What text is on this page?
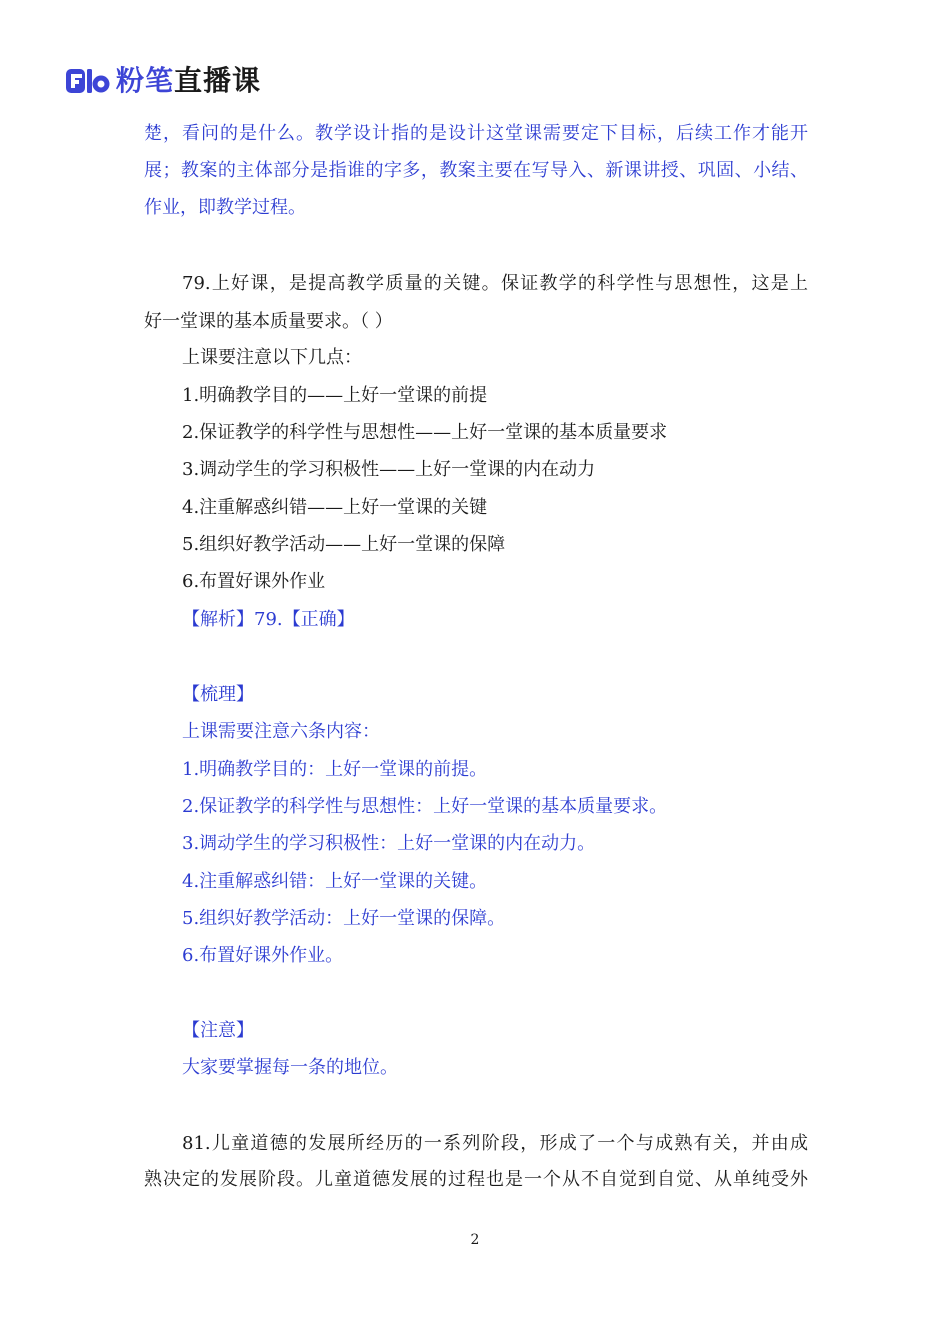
粉笔直播课
楚，看问的是什么。教学设计指的是设计这堂课需要定下目标，后续工作才能开
展；教案的主体部分是指谁的字多，教案主要在写导入、新课讲授、巩固、小结、
作业，即教学过程。
79.上好课，是提高教学质量的关键。保证教学的科学性与思想性，这是上
好一堂课的基本质量要求。（ ）
上课要注意以下几点：
1.明确教学目的——上好一堂课的前提
2.保证教学的科学性与思想性——上好一堂课的基本质量要求
3.调动学生的学习积极性——上好一堂课的内在动力
4.注重解惑纠错——上好一堂课的关键
5.组织好教学活动——上好一堂课的保障
6.布置好课外作业
【解析】79.【正确】
【梳理】
上课需要注意六条内容：
1.明确教学目的：上好一堂课的前提。
2.保证教学的科学性与思想性：上好一堂课的基本质量要求。
3.调动学生的学习积极性：上好一堂课的内在动力。
4.注重解惑纠错：上好一堂课的关键。
5.组织好教学活动：上好一堂课的保障。
6.布置好课外作业。
【注意】
大家要掌握每一条的地位。
81.儿童道德的发展所经历的一系列阶段，形成了一个与成熟有关，并由成
熟决定的发展阶段。儿童道德发展的过程也是一个从不自觉到自觉、从单纯受外
2
